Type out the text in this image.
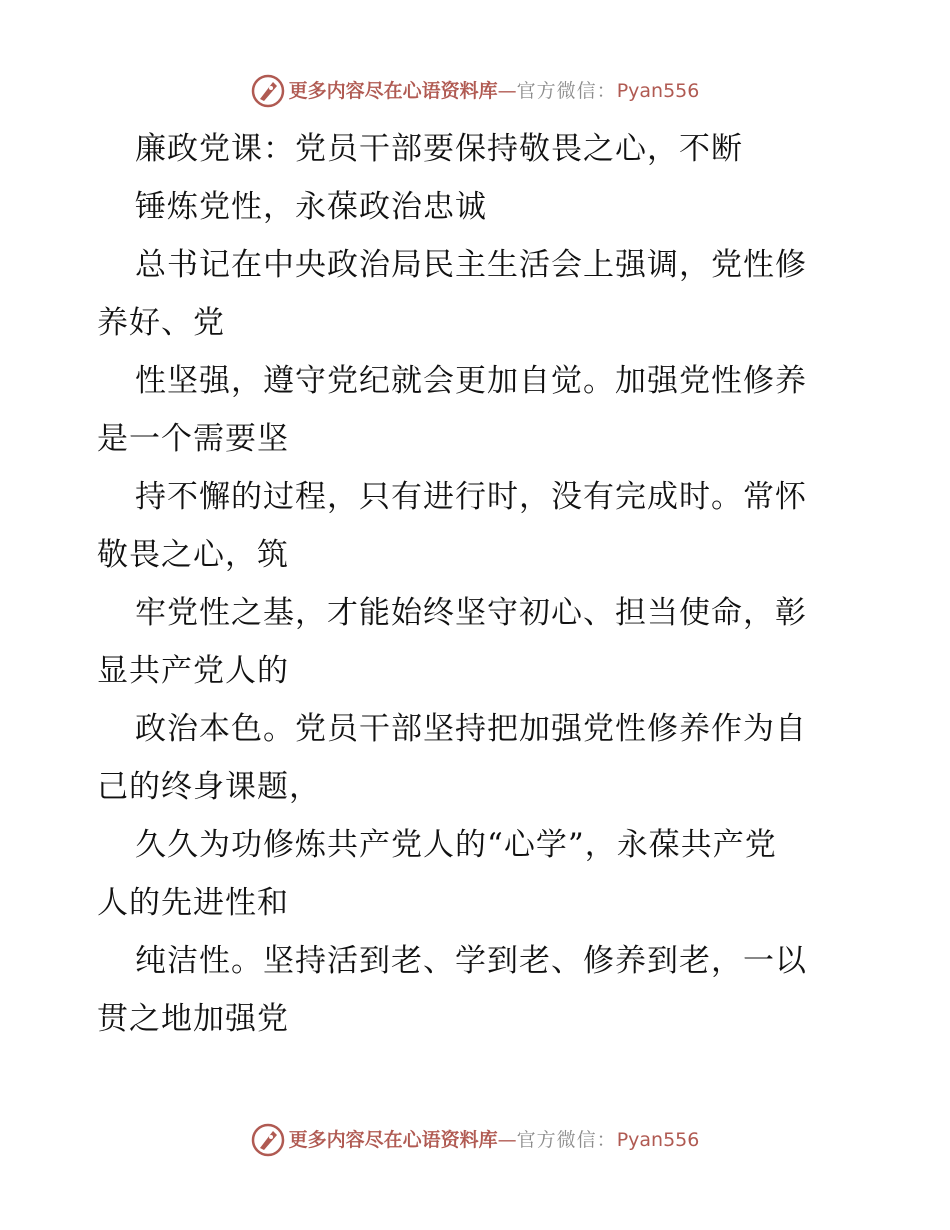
更多内容尽在心语资料库 — 官方微信： Pyan556
廉政党课：党员干部要保持敬畏之心，不断
锤炼党性，永葆政治忠诚
总书记在中央政治局民主生活会上强调，党性修
养好、党
性坚强，遵守党纪就会更加自觉。加强党性修养
是一个需要坚
持不懈的过程，只有进行时，没有完成时。常怀
敬畏之心，筑
牢党性之基，才能始终坚守初心、担当使命，彰
显共产党人的
政治本色。党员干部坚持把加强党性修养作为自
己的终身课题，
久久为功修炼共产党人的“心学”，永葆共产党
人的先进性和
纯洁性。坚持活到老、学到老、修养到老，一以
贯之地加强党
更多内容尽在心语资料库 — 官方微信： Pyan556
